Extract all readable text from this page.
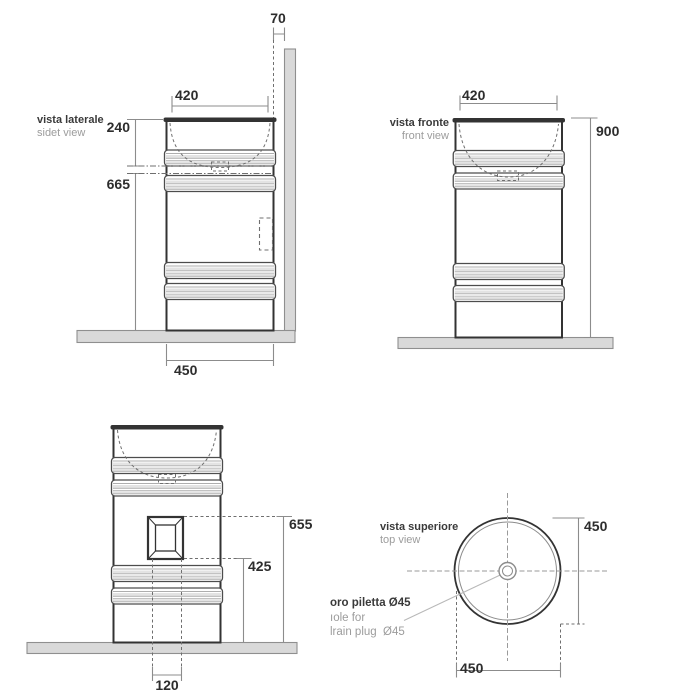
70
420
vista laterale
sidet view	240
665
450
420
vista fronte
front view	900
655
425
120
vista superiore
top view
450
450
oro piletta Ø45
ıole for
lrain plug  Ø45
